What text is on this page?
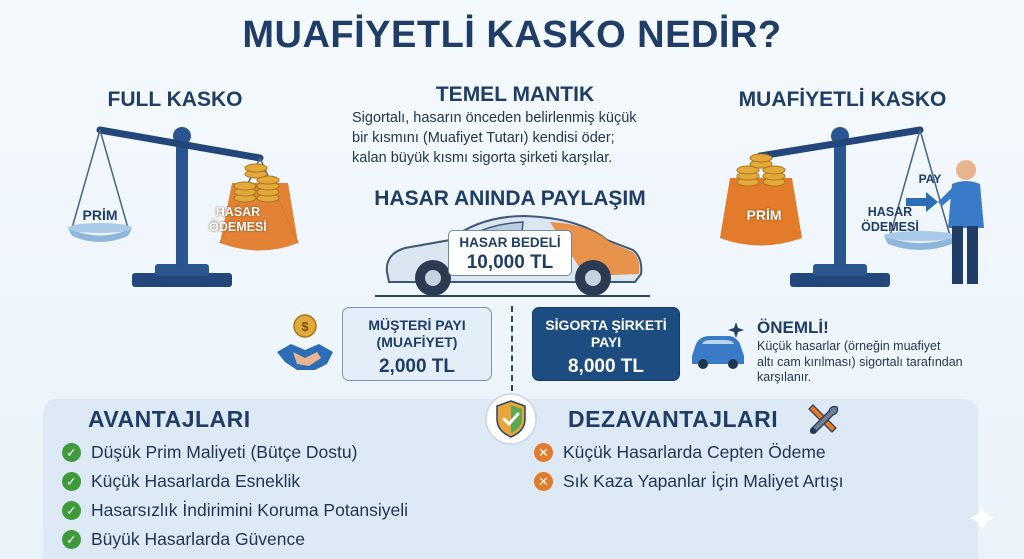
MUAFİYETLİ KASKO NEDİR?
FULL KASKO
PRİM	HASAR
ÖDEMESİ
TEMEL MANTIK
Sigortalı, hasarın önceden belirlenmiş küçük
bir kısmını (Muafiyet Tutarı) kendisi öder;
kalan büyük kısmı sigorta şirketi karşılar.
HASAR ANINDA PAYLAŞIM
HASAR BEDELİ
10,000 TL
MUAFİYETLİ KASKO
PRİM	HASAR
ÖDEMESİ
PAY
$	MÜŞTERİ PAYI
(MUAFİYET)
2,000 TL
SİGORTA ŞİRKETİ
PAYI
8,000 TL
ÖNEMLİ!
Küçük hasarlar (örneğin muafiyet
altı cam kırılması) sigortalı tarafından
karşılanır.
AVANTAJLARI
✓ Düşük Prim Maliyeti (Bütçe Dostu)
✓ Küçük Hasarlarda Esneklik
✓ Hasarsızlık İndirimini Koruma Potansiyeli
✓ Büyük Hasarlarda Güvence
DEZAVANTAJLARI
✕ Küçük Hasarlarda Cepten Ödeme
✕ Sık Kaza Yapanlar İçin Maliyet Artışı
